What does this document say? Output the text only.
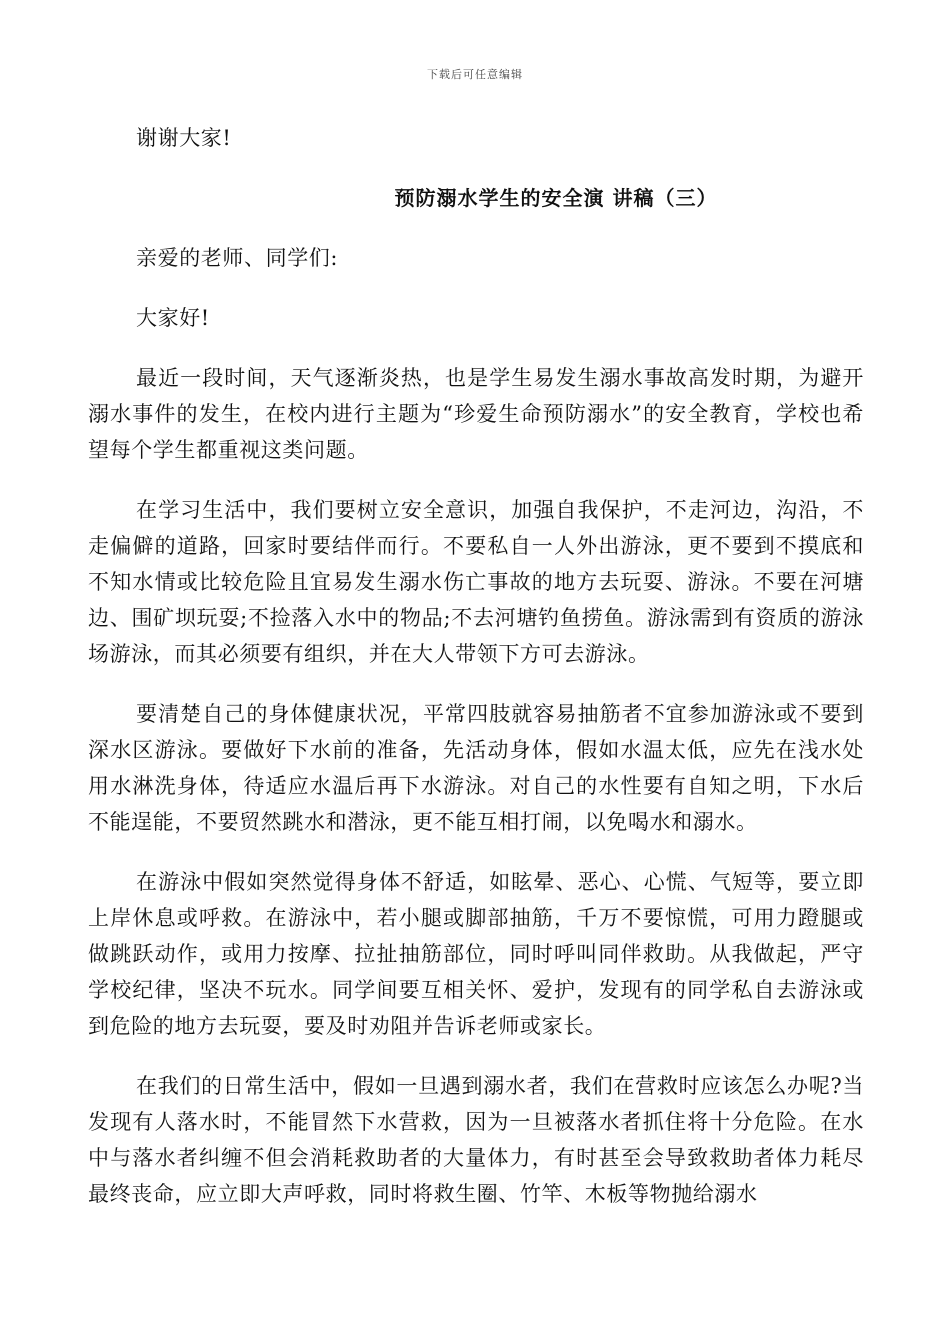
下载后可任意编辑

谢谢大家!

预防溺水学生的安全演 讲稿（三）

亲爱的老师、同学们:

大家好!

最近一段时间，天气逐渐炎热，也是学生易发生溺水事故高发时期，为避开溺水事件的发生，在校内进行主题为“珍爱生命预防溺水”的安全教育，学校也希望每个学生都重视这类问题。

在学习生活中，我们要树立安全意识，加强自我保护，不走河边，沟沿，不走偏僻的道路，回家时要结伴而行。不要私自一人外出游泳，更不要到不摸底和不知水情或比较危险且宜易发生溺水伤亡事故的地方去玩耍、游泳。不要在河塘边、围矿坝玩耍;不捡落入水中的物品;不去河塘钓鱼捞鱼。游泳需到有资质的游泳场游泳，而其必须要有组织，并在大人带领下方可去游泳。

要清楚自己的身体健康状况，平常四肢就容易抽筋者不宜参加游泳或不要到深水区游泳。要做好下水前的准备，先活动身体，假如水温太低，应先在浅水处用水淋洗身体，待适应水温后再下水游泳。对自己的水性要有自知之明，下水后不能逞能，不要贸然跳水和潜泳，更不能互相打闹，以免喝水和溺水。

在游泳中假如突然觉得身体不舒适，如眩晕、恶心、心慌、气短等，要立即上岸休息或呼救。在游泳中，若小腿或脚部抽筋，千万不要惊慌，可用力蹬腿或做跳跃动作，或用力按摩、拉扯抽筋部位，同时呼叫同伴救助。从我做起，严守学校纪律，坚决不玩水。同学间要互相关怀、爱护，发现有的同学私自去游泳或到危险的地方去玩耍，要及时劝阻并告诉老师或家长。

在我们的日常生活中，假如一旦遇到溺水者，我们在营救时应该怎么办呢?当发现有人落水时，不能冒然下水营救，因为一旦被落水者抓住将十分危险。在水中与落水者纠缠不但会消耗救助者的大量体力，有时甚至会导致救助者体力耗尽最终丧命，应立即大声呼救，同时将救生圈、竹竿、木板等物抛给溺水
